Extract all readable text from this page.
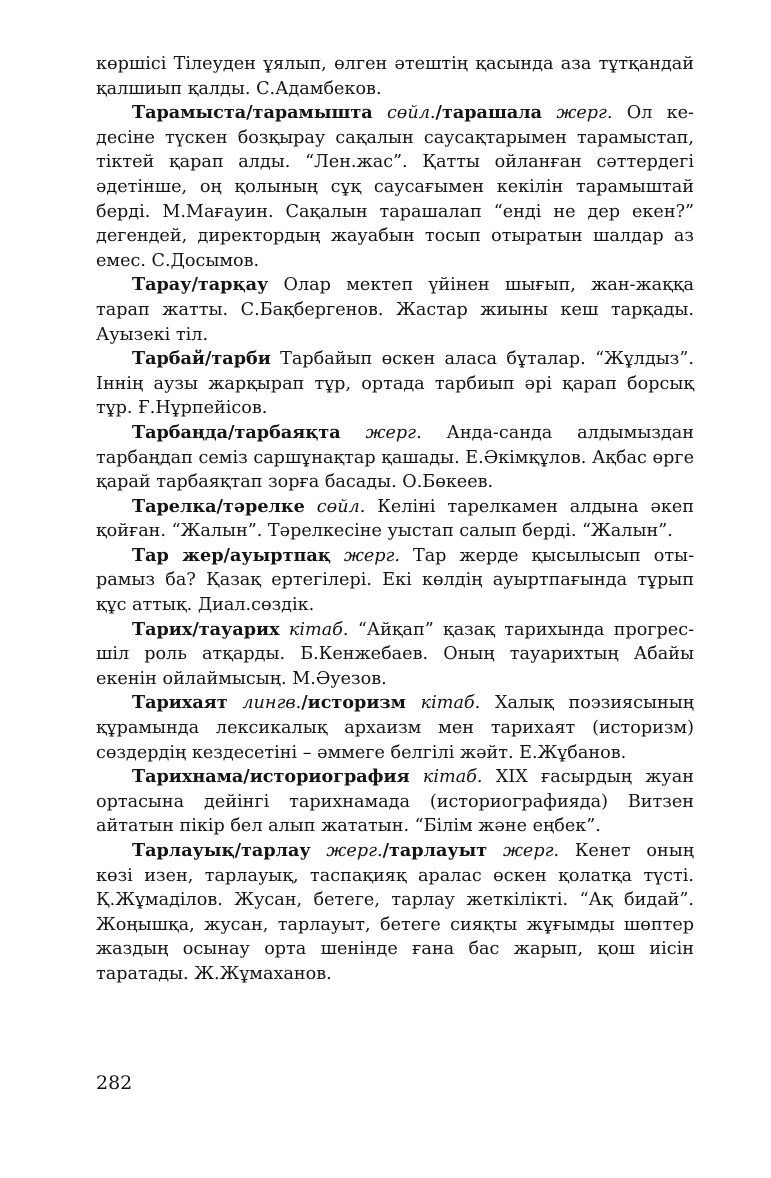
көршісі Тілеуден ұялып, өлген әтештің қасында аза тұтқандай қалшиып қалды. С.Адамбеков.

Тарамыста/тарамышта сөйл./тарашала жерг. Ол кедесіне түскен бозқырау сақалын саусақтарымен тарамыстап, тіктей қарап алды. “Лен.жас”. Қатты ойланған сәттердегі әдетінше, оң қолының сұқ саусағымен кекілін тарамыштай берді. М.Мағауин. Сақалын тарашалап “енді не дер екен?” дегендей, директордың жауабын тосып отыратын шалдар аз емес. С.Досымов.

Тарау/тарқау Олар мектеп үйінен шығып, жан-жаққа тарап жатты. С.Бақбергенов. Жастар жиыны кеш тарқады. Ауызекі тіл.

Тарбай/тарби Тарбайып өскен аласа бұталар. “Жұлдыз”. Іннің аузы жарқырап тұр, ортада тарбиып әрі қарап борсық тұр. Ғ.Нұрпейісов.

Тарбаңда/тарбаяқта жерг. Анда-санда алдымыздан тарбаңдап семіз саршұнақтар қашады. Е.Әкімқұлов. Ақбас өрге қарай тарбаяқтап зорға басады. О.Бөкеев.

Тарелка/тәрелке сөйл. Келіні тарелкамен алдына әкеп қойған. “Жалын”. Тәрелкесіне уыстап салып берді. “Жалын”.

Тар жер/ауыртпақ жерг. Тар жерде қысылысып отырамыз ба? Қазақ ертегілері. Екі көлдің ауыртпағында тұрып құс аттық. Диал.сөздік.

Тарих/тауарих кітаб. “Айқап” қазақ тарихында прогресшіл роль атқарды. Б.Кенжебаев. Оның тауарихтың Абайы екенін ойлаймысың. М.Әуезов.

Тарихаят лингв./историзм кітаб. Халық поэзиясының құрамында лексикалық архаизм мен тарихаят (историзм) сөздердің кездесетіні – әммеге белгілі жәйт. Е.Жұбанов.

Тарихнама/историография кітаб. XIX ғасырдың жуан ортасына дейінгі тарихнамада (историографияда) Витзен айтатын пікір бел алып жататын. “Білім және еңбек”.

Тарлауық/тарлау жерг./тарлауыт жерг. Кенет оның көзі изен, тарлауық, таспақияқ аралас өскен қолатқа түсті. Қ.Жұмаділов. Жусан, бетеге, тарлау жеткілікті. “Ақ бидай”. Жоңышқа, жусан, тарлауыт, бетеге сияқты жұғымды шөптер жаздың осынау орта шенінде ғана бас жарып, қош иісін таратады. Ж.Жұмаханов.

282
